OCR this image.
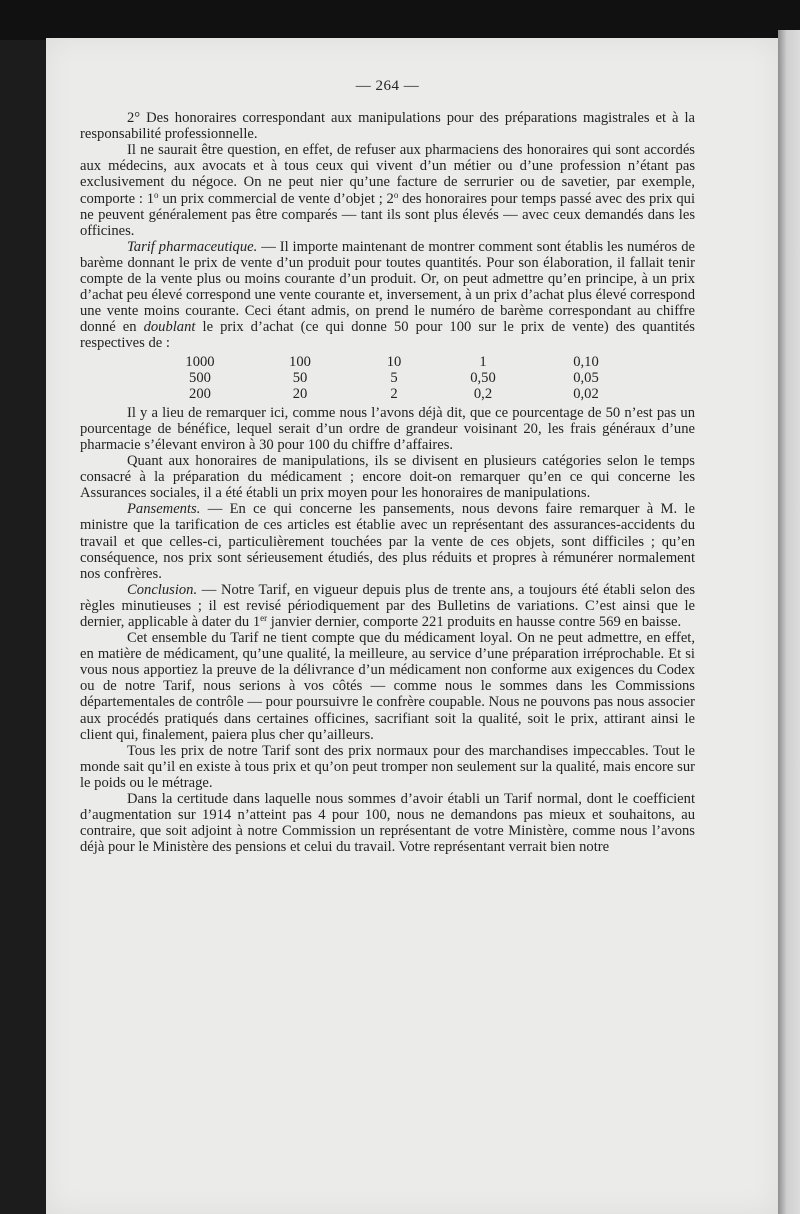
— 264 —

2° Des honoraires correspondant aux manipulations pour des préparations magistrales et à la responsabilité professionnelle.

Il ne saurait être question, en effet, de refuser aux pharmaciens des honoraires qui sont accordés aux médecins, aux avocats et à tous ceux qui vivent d’un métier ou d’une profession n’étant pas exclusivement du négoce. On ne peut nier qu’une facture de serrurier ou de savetier, par exemple, comporte : 1$^o$ un prix commercial de vente d’objet ; 2$^o$ des honoraires pour temps passé avec des prix qui ne peuvent généralement pas être comparés — tant ils sont plus élevés — avec ceux demandés dans les officines.

Tarif pharmaceutique. — Il importe maintenant de montrer comment sont établis les numéros de barème donnant le prix de vente d’un produit pour toutes quantités. Pour son élaboration, il fallait tenir compte de la vente plus ou moins courante d’un produit. Or, on peut admettre qu’en principe, à un prix d’achat peu élevé correspond une vente courante et, inversement, à un prix d’achat plus élevé correspond une vente moins courante. Ceci étant admis, on prend le numéro de barème correspondant au chiffre donné en doublant le prix d’achat (ce qui donne 50 pour 100 sur le prix de vente) des quantités respectives de :

1000	100	10	1	0,10
500	50	5	0,50	0,05
200	20	2	0,2	0,02

Il y a lieu de remarquer ici, comme nous l’avons déjà dit, que ce pourcentage de 50 n’est pas un pourcentage de bénéfice, lequel serait d’un ordre de grandeur voisinant 20, les frais généraux d’une pharmacie s’élevant environ à 30 pour 100 du chiffre d’affaires.

Quant aux honoraires de manipulations, ils se divisent en plusieurs catégories selon le temps consacré à la préparation du médicament ; encore doit-on remarquer qu’en ce qui concerne les Assurances sociales, il a été établi un prix moyen pour les honoraires de manipulations.

Pansements. — En ce qui concerne les pansements, nous devons faire remarquer à M. le ministre que la tarification de ces articles est établie avec un représentant des assurances-accidents du travail et que celles-ci, particulièrement touchées par la vente de ces objets, sont difficiles ; qu’en conséquence, nos prix sont sérieusement étudiés, des plus réduits et propres à rémunérer normalement nos confrères.

Conclusion. — Notre Tarif, en vigueur depuis plus de trente ans, a toujours été établi selon des règles minutieuses ; il est revisé périodiquement par des Bulletins de variations. C’est ainsi que le dernier, applicable à dater du 1er janvier dernier, comporte 221 produits en hausse contre 569 en baisse.

Cet ensemble du Tarif ne tient compte que du médicament loyal. On ne peut admettre, en effet, en matière de médicament, qu’une qualité, la meilleure, au service d’une préparation irréprochable. Et si vous nous apportiez la preuve de la délivrance d’un médicament non conforme aux exigences du Codex ou de notre Tarif, nous serions à vos côtés — comme nous le sommes dans les Commissions départementales de contrôle — pour poursuivre le confrère coupable. Nous ne pouvons pas nous associer aux procédés pratiqués dans certaines officines, sacrifiant soit la qualité, soit le prix, attirant ainsi le client qui, finalement, paiera plus cher qu’ailleurs.

Tous les prix de notre Tarif sont des prix normaux pour des marchandises impeccables. Tout le monde sait qu’il en existe à tous prix et qu’on peut tromper non seulement sur la qualité, mais encore sur le poids ou le métrage.

Dans la certitude dans laquelle nous sommes d’avoir établi un Tarif normal, dont le coefficient d’augmentation sur 1914 n’atteint pas 4 pour 100, nous ne demandons pas mieux et souhaitons, au contraire, que soit adjoint à notre Commission un représentant de votre Ministère, comme nous l’avons déjà pour le Ministère des pensions et celui du travail. Votre représentant verrait bien notre
